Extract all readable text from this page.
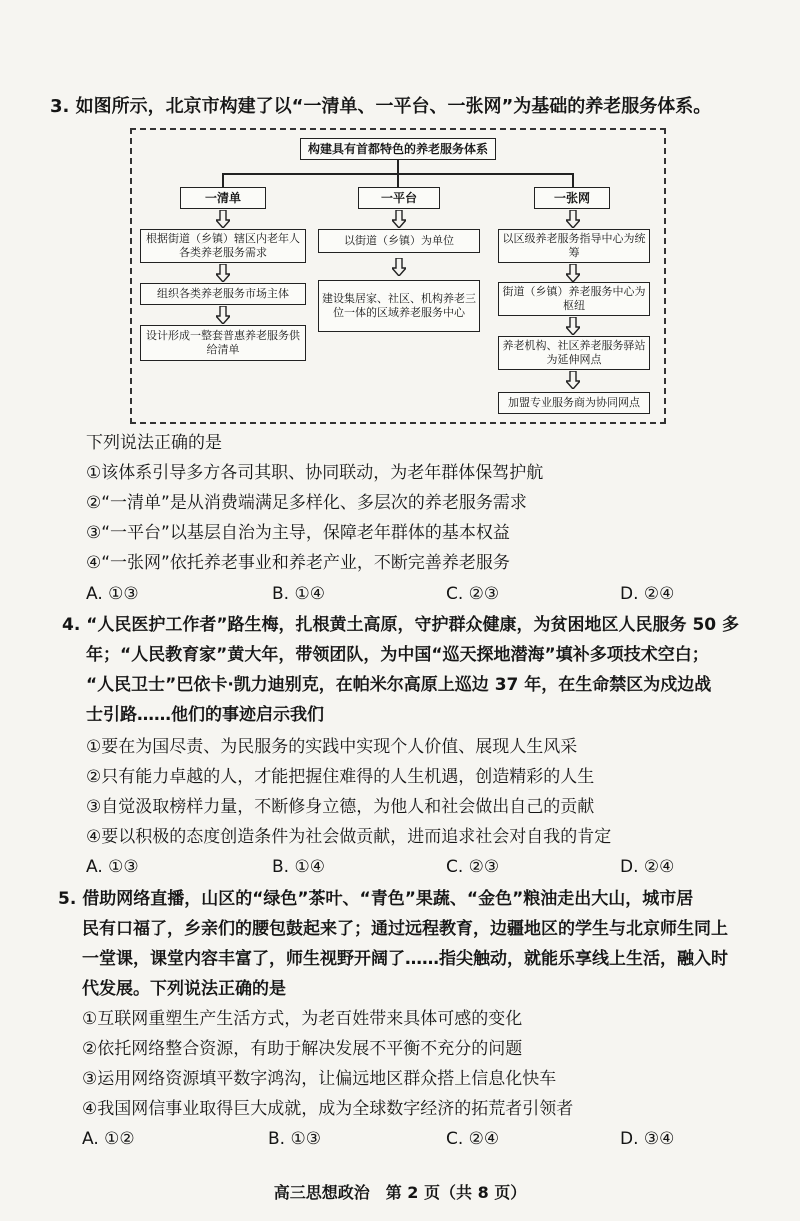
3. 如图所示，北京市构建了以“一清单、一平台、一张网”为基础的养老服务体系。
构建具有首都特色的养老服务体系
一清单
根据街道（乡镇）辖区内老年人各类养老服务需求
组织各类养老服务市场主体
设计形成一整套普惠养老服务供给清单
一平台
以街道（乡镇）为单位
建设集居家、社区、机构养老三位一体的区域养老服务中心
一张网
以区级养老服务指导中心为统筹
街道（乡镇）养老服务中心为枢纽
养老机构、社区养老服务驿站为延伸网点
加盟专业服务商为协同网点
下列说法正确的是
①该体系引导多方各司其职、协同联动，为老年群体保驾护航
②“一清单”是从消费端满足多样化、多层次的养老服务需求
③“一平台”以基层自治为主导，保障老年群体的基本权益
④“一张网”依托养老事业和养老产业，不断完善养老服务
A. ①③	B. ①④	C. ②③	D. ②④
4. “人民医护工作者”路生梅，扎根黄土高原，守护群众健康，为贫困地区人民服务 50 多
年；“人民教育家”黄大年，带领团队，为中国“巡天探地潜海”填补多项技术空白；
“人民卫士”巴依卡·凯力迪别克，在帕米尔高原上巡边 37 年，在生命禁区为戍边战
士引路……他们的事迹启示我们
①要在为国尽责、为民服务的实践中实现个人价值、展现人生风采
②只有能力卓越的人，才能把握住难得的人生机遇，创造精彩的人生
③自觉汲取榜样力量，不断修身立德，为他人和社会做出自己的贡献
④要以积极的态度创造条件为社会做贡献，进而追求社会对自我的肯定
A. ①③	B. ①④	C. ②③	D. ②④
5. 借助网络直播，山区的“绿色”茶叶、“青色”果蔬、“金色”粮油走出大山，城市居
民有口福了，乡亲们的腰包鼓起来了；通过远程教育，边疆地区的学生与北京师生同上
一堂课，课堂内容丰富了，师生视野开阔了……指尖触动，就能乐享线上生活，融入时
代发展。下列说法正确的是
①互联网重塑生产生活方式，为老百姓带来具体可感的变化
②依托网络整合资源，有助于解决发展不平衡不充分的问题
③运用网络资源填平数字鸿沟，让偏远地区群众搭上信息化快车
④我国网信事业取得巨大成就，成为全球数字经济的拓荒者引领者
A. ①②	B. ①③	C. ②④	D. ③④
高三思想政治　第 2 页（共 8 页）
